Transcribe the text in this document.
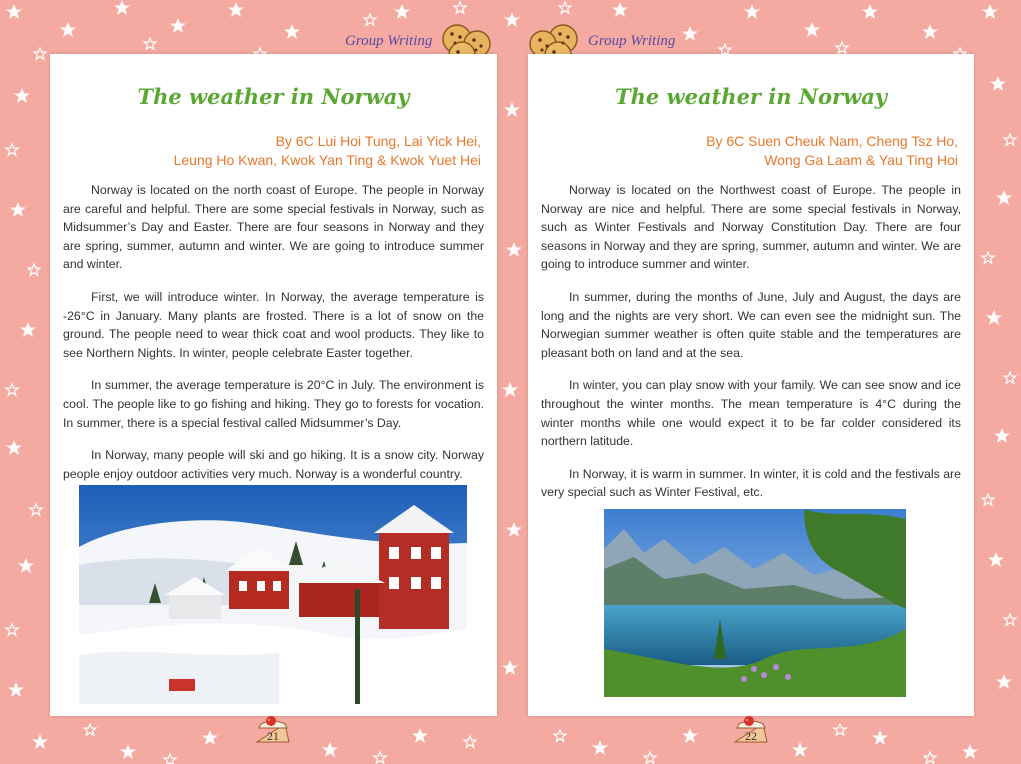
Group Writing	Group Writing
The weather in Norway
By 6C Lui Hoi Tung, Lai Yick Hei,
Leung Ho Kwan, Kwok Yan Ting & Kwok Yuet Hei

Norway is located on the north coast of Europe. The people in Norway are careful and helpful. There are some special festivals in Norway, such as Midsummer’s Day and Easter. There are four seasons in Norway and they are spring, summer, autumn and winter. We are going to introduce summer and winter.

First, we will introduce winter. In Norway, the average temperature is -26°C in January. Many plants are frosted. There is a lot of snow on the ground. The people need to wear thick coat and wool products. They like to see Northern Nights. In winter, people celebrate Easter together.

In summer, the average temperature is 20°C in July. The environment is cool. The people like to go fishing and hiking. They go to forests for vocation. In summer, there is a special festival called Midsummer’s Day.

In Norway, many people will ski and go hiking. It is a snow city. Norway people enjoy outdoor activities very much. Norway is a wonderful country.

The weather in Norway
By 6C Suen Cheuk Nam, Cheng Tsz Ho,
Wong Ga Laam & Yau Ting Hoi

Norway is located on the Northwest coast of Europe. The people in Norway are nice and helpful. There are some special festivals in Norway, such as Winter Festivals and Norway Constitution Day. There are four seasons in Norway and they are spring, summer, autumn and winter. We are going to introduce summer and winter.

In summer, during the months of June, July and August, the days are long and the nights are very short. We can even see the midnight sun. The Norwegian summer weather is often quite stable and the temperatures are pleasant both on land and at the sea.

In winter, you can play snow with your family. We can see snow and ice throughout the winter months. The mean temperature is 4°C during the winter months while one would expect it to be far colder considered its northern latitude.

In Norway, it is warm in summer. In winter, it is cold and the festivals are very special such as Winter Festival, etc.

21	22
